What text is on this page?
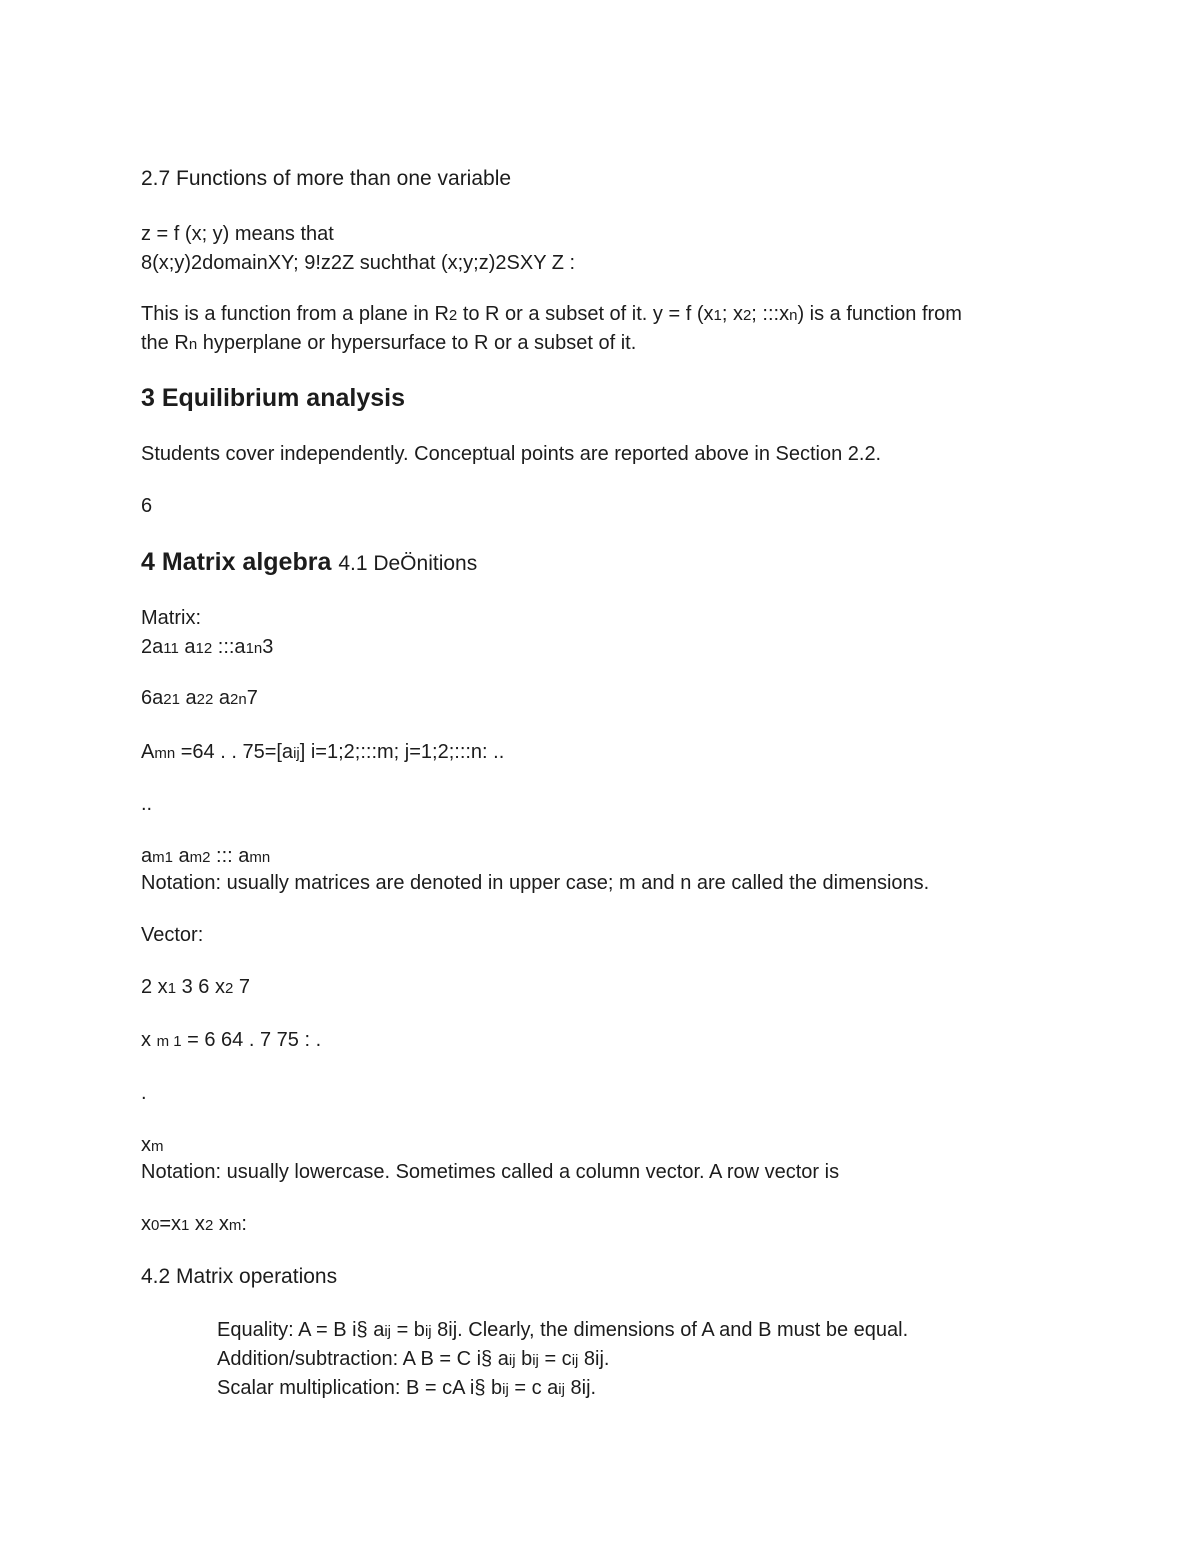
2.7 Functions of more than one variable
z = f (x; y) means that
8(x;y)2domainXY; 9!z2Z suchthat (x;y;z)2SXY Z :
This is a function from a plane in R2 to R or a subset of it. y = f (x1; x2; :::xn) is a function from
the Rn hyperplane or hypersurface to R or a subset of it.
3 Equilibrium analysis
Students cover independently. Conceptual points are reported above in Section 2.2.
6
4 Matrix algebra 4.1 DeÖnitions
Matrix:
2a11 a12 :::a1n3
6a21 a22 a2n7
Amn =64 . . 75=[aij] i=1;2;:::m; j=1;2;:::n: ..
..
am1 am2 ::: amn
Notation: usually matrices are denoted in upper case; m and n are called the dimensions.
Vector:
2 x1 3 6 x2 7
x m 1 = 6 64 . 7 75 : .
.
xm
Notation: usually lowercase. Sometimes called a column vector. A row vector is
x0=x1 x2 xm:
4.2 Matrix operations
Equality: A = B i§ aij = bij 8ij. Clearly, the dimensions of A and B must be equal.
Addition/subtraction: A B = C i§ aij bij = cij 8ij.
Scalar multiplication: B = cA i§ bij = c aij 8ij.
